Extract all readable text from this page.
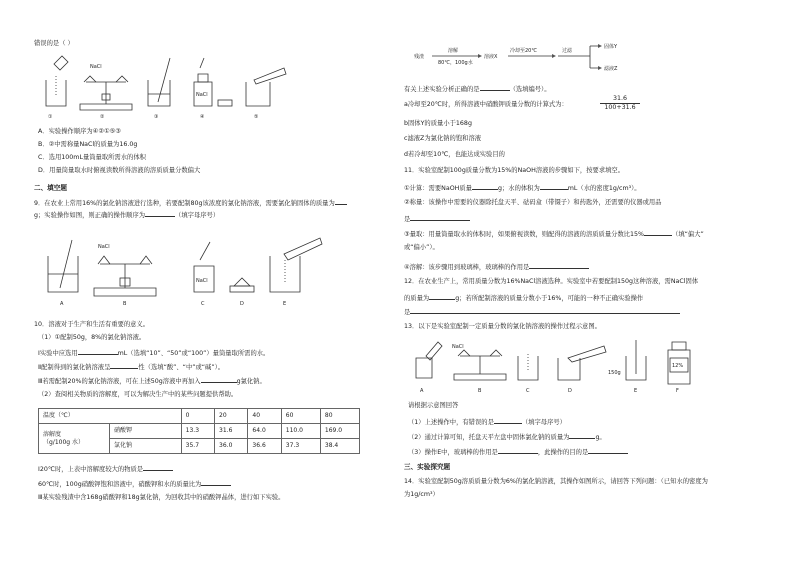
错误的是（ ）
NaCl
NaCl
①	②	③	④	⑤
A．实验操作顺序为④②①⑤③
B．②中需称量NaCl的质量为16.0g
C．选用100mL量筒量取所需水的体积
D．用量筒量取水时俯视读数所得溶液的溶质质量分数偏大
二、填空题
9．在农业上常用16%的氯化钠溶液进行选种，若要配制80g该浓度的氯化钠溶液，需要氯化钠固体的质量为
g；实验操作如图，则正确的操作顺序为	（填字母序号）
NaCl
NaCl
A	B	C	D	E
10．溶液对于生产和生活有重要的意义。
（1）①配制50g，8%的氯化钠溶液。
Ⅰ实验中应选用	mL（选填“10”、“50”或“100”）量筒量取所需的水。
Ⅱ配制得到的氯化钠溶液呈	性（选填“酸”、“中”或“碱”）。
Ⅲ若需配制20%的氯化钠溶液，可在上述50g溶液中再加入	g氯化钠。
（2）查阅相关物质的溶解度，可以为解决生产中的某些问题提供帮助。
温度（℃）		0	20	40	60	80

溶解度
（g/100g 水）	硝酸钾	13.3	31.6	64.0	110.0	169.0
	氯化钠	35.7	36.0	36.6	37.3	38.4
Ⅰ20℃时，上表中溶解度较大的物质是
60℃时，100g硝酸钾饱和溶液中，硝酸钾和水的质量比为
Ⅲ某实验残渣中含168g硝酸钾和18g氯化钠，为回收其中的硝酸钾晶体，进行如下实验。
残渣
溶解
80℃，100g水
溶液X
冷却至20℃	过滤
固体Y
滤液Z
有关上述实验分析正确的是	（选填编号）。
a冷却至20℃时，所得溶液中硝酸钾质量分数的计算式为：	$\frac{31.6}{100+31.6}$
b固体Y的质量小于168g
c滤液Z为氯化钠的饱和溶液
d若冷却至10℃，也能达成实验目的
11．实验室配制100g质量分数为15%的NaOH溶液的步骤如下，按要求填空。
①计算：需要NaOH质量	g；水的体积为	mL（水的密度1g/cm³）。
②称量：该操作中需要的仪器除托盘天平、砝码盒（带镊子）和药匙外，还需要的仪器或用品
是
③量取：用量筒量取水的体积时，如果俯视读数，则配得的溶液的溶质质量分数比15%	（填“偏大”
或“偏小”）。
④溶解：该步骤用到玻璃棒，玻璃棒的作用是
12．在农业生产上，常用质量分数为16%NaCl溶液选种。实验室中若要配制150g这种溶液，需NaCl固体
的质量为	g；若所配制溶液的质量分数小于16%，可能的一种不正确实验操作
是
13．以下是实验室配制一定质量分数的氯化钠溶液的操作过程示意图。
NaCl
150g
12%
A	B	C	D	E	F
请根据示意图回答
（1）上述操作中，有错误的是	（填字母序号）
（2）通过计算可知，托盘天平左盘中固体氯化钠的质量为	g。
（3）操作E中，玻璃棒的作用是	，此操作的目的是
三、实验探究题
14．实验室配制50g溶质质量分数为6%的氯化钠溶液，其操作如图所示，请回答下列问题：（已知水的密度为
为1g/cm³）
